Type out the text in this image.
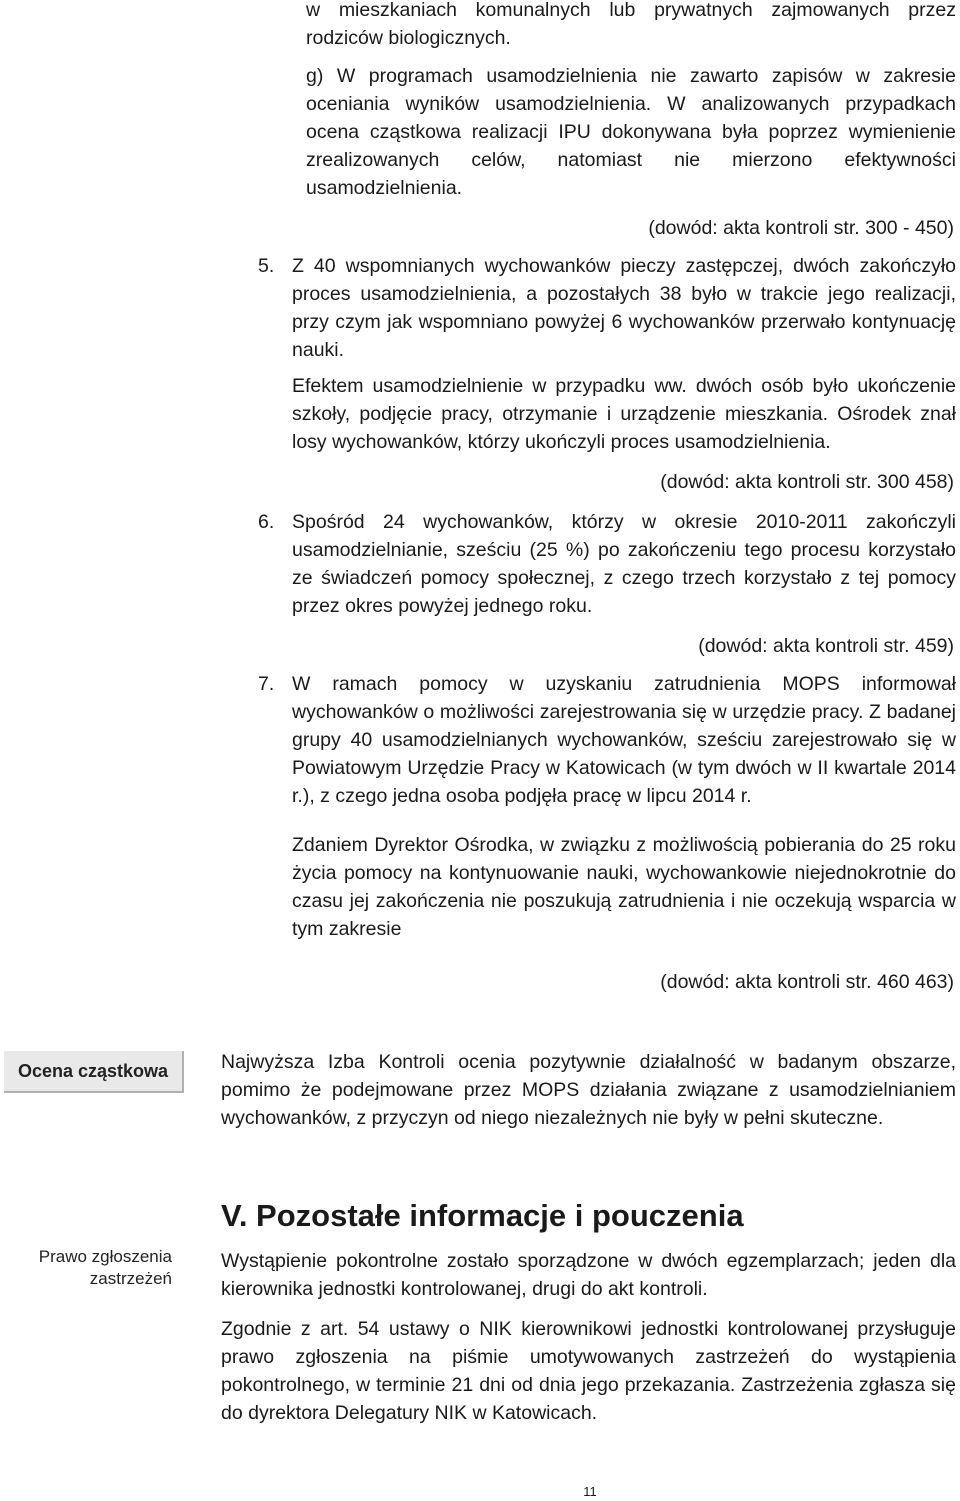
w mieszkaniach komunalnych lub prywatnych zajmowanych przez rodziców biologicznych.

g) W programach usamodzielnienia nie zawarto zapisów w zakresie oceniania wyników usamodzielnienia. W analizowanych przypadkach ocena cząstkowa realizacji IPU dokonywana była poprzez wymienienie zrealizowanych celów, natomiast nie mierzono efektywności usamodzielnienia.

(dowód: akta kontroli str. 300 - 450)
5. Z 40 wspomnianych wychowanków pieczy zastępczej, dwóch zakończyło proces usamodzielnienia, a pozostałych 38 było w trakcie jego realizacji, przy czym jak wspomniano powyżej 6 wychowanków przerwało kontynuację nauki.

Efektem usamodzielnienie w przypadku ww. dwóch osób było ukończenie szkoły, podjęcie pracy, otrzymanie i urządzenie mieszkania. Ośrodek znał losy wychowanków, którzy ukończyli proces usamodzielnienia.

(dowód: akta kontroli str. 300 458)
6. Spośród 24 wychowanków, którzy w okresie 2010-2011 zakończyli usamodzielnianie, sześciu (25 %) po zakończeniu tego procesu korzystało ze świadczeń pomocy społecznej, z czego trzech korzystało z tej pomocy przez okres powyżej jednego roku.

(dowód: akta kontroli str. 459)
7. W ramach pomocy w uzyskaniu zatrudnienia MOPS informował wychowanków o możliwości zarejestrowania się w urzędzie pracy. Z badanej grupy 40 usamodzielnianych wychowanków, sześciu zarejestrowało się w Powiatowym Urzędzie Pracy w Katowicach (w tym dwóch w II kwartale 2014 r.), z czego jedna osoba podjęła pracę w lipcu 2014 r.

Zdaniem Dyrektor Ośrodka, w związku z możliwością pobierania do 25 roku życia pomocy na kontynuowanie nauki, wychowankowie niejednokrotnie do czasu jej zakończenia nie poszukują zatrudnienia i nie oczekują wsparcia w tym zakresie

(dowód: akta kontroli str. 460 463)
Ocena cząstkowa	Najwyższa Izba Kontroli ocenia pozytywnie działalność w badanym obszarze, pomimo że podejmowane przez MOPS działania związane z usamodzielnianiem wychowanków, z przyczyn od niego niezależnych nie były w pełni skuteczne.

V. Pozostałe informacje i pouczenia
Prawo zgłoszenia zastrzeżeń

Wystąpienie pokontrolne zostało sporządzone w dwóch egzemplarzach; jeden dla kierownika jednostki kontrolowanej, drugi do akt kontroli.

Zgodnie z art. 54 ustawy o NIK kierownikowi jednostki kontrolowanej przysługuje prawo zgłoszenia na piśmie umotywowanych zastrzeżeń do wystąpienia pokontrolnego, w terminie 21 dni od dnia jego przekazania. Zastrzeżenia zgłasza się do dyrektora Delegatury NIK w Katowicach.

11
